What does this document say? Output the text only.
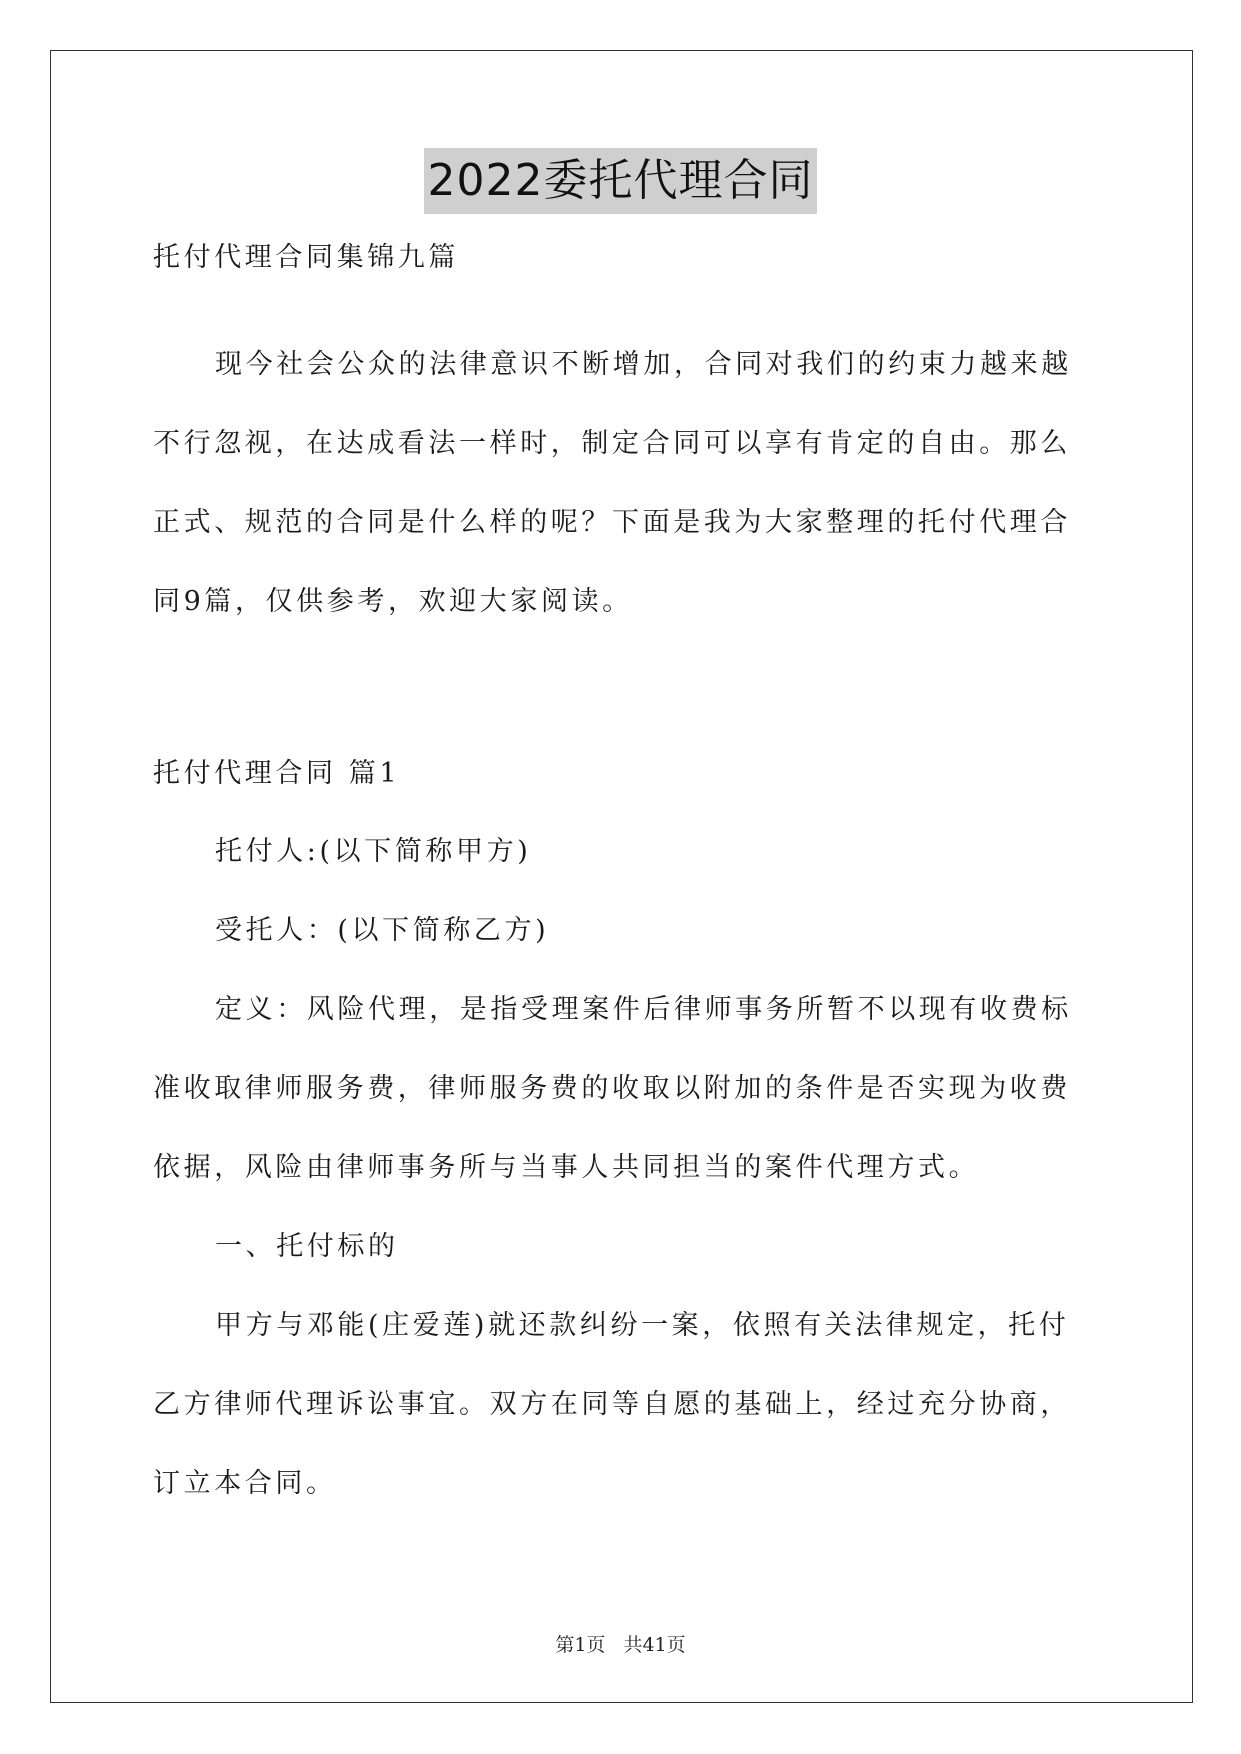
2022委托代理合同
托付代理合同集锦九篇
现今社会公众的法律意识不断增加，合同对我们的约束力越来越
不行忽视，在达成看法一样时，制定合同可以享有肯定的自由。那么
正式、规范的合同是什么样的呢？下面是我为大家整理的托付代理合
同9篇，仅供参考，欢迎大家阅读。
托付代理合同 篇1
托付人:(以下简称甲方)
受托人：(以下简称乙方)
定义：风险代理，是指受理案件后律师事务所暂不以现有收费标
准收取律师服务费，律师服务费的收取以附加的条件是否实现为收费
依据，风险由律师事务所与当事人共同担当的案件代理方式。
一、托付标的
甲方与邓能(庄爱莲)就还款纠纷一案，依照有关法律规定，托付
乙方律师代理诉讼事宜。双方在同等自愿的基础上，经过充分协商，
订立本合同。
第1页 共41页
